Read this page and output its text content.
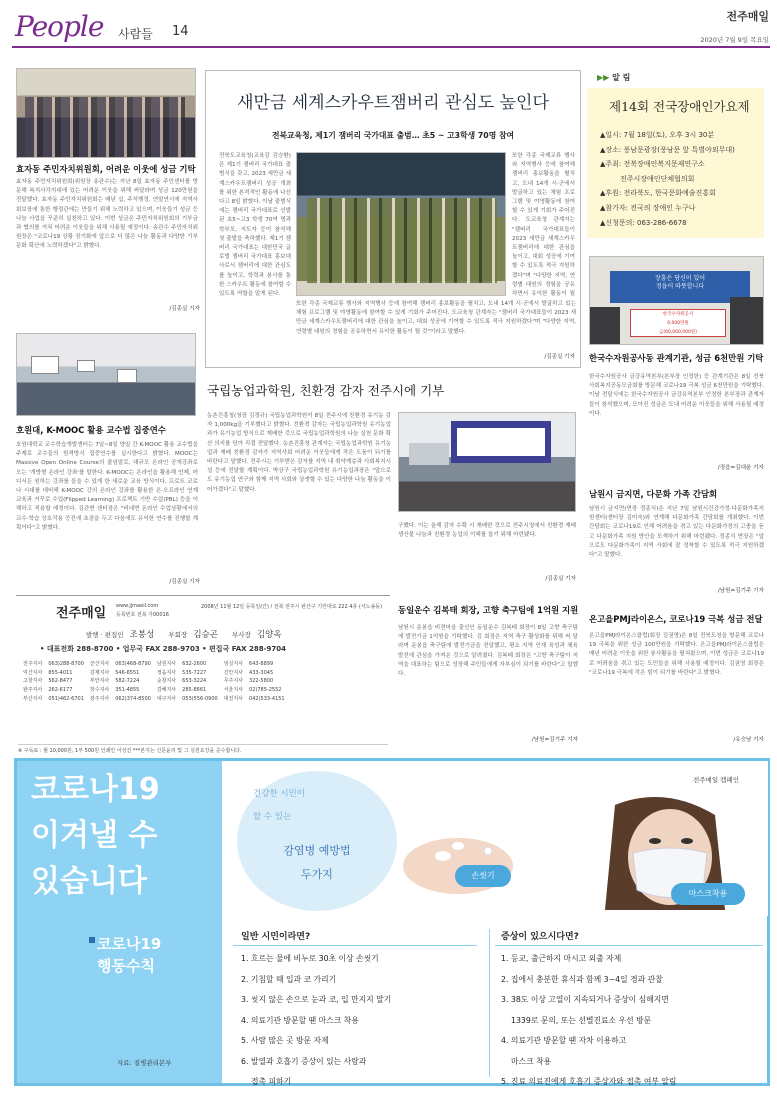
People 사람들 14
전주매일
2020년 7월 9일 목요일
효자동 주민자치위원회, 어려운 이웃에 성금 기탁
효자동 주민자치위원회(위원장 송관수)는 지난 8일 효자동 주민센터를 방문해 복지사각지대에 있는 어려운 이웃을 위해 써달라며 성금 120만원을 전달했다. 효자동 주민자치위원회는 매년 십, 주석행정, 연말연시에 지역사회보장에 통한 행정관에는 만들기 위해 노력하고 있으며, 이웃들기 성금 등 나눔 사업을 꾸준히 실천하고 있다. 이번 성금은 주민자치위원회의 기부금과 협의를 거쳐 어려운 이웃들을 위해 사용될 예정이다. 송관수 주민자치위원장은 "코로나19 상황 장기화에 앞으로 더 많은 나눔 활동과 다양한 기부문화 확산에 노력하겠다"고 밝혔다.
/김종실 기자
호원대, K-MOOC 활용 교수법 집중연수
호원대학교 교수학습개발센터는 7일~8일 양일 간 K-MOOC 활용 교수법을 주제로 교수들의 원격방식 집중연수를 실시한다고 밝혔다. MOOC는 Massive Open Online Course의 줄임말로, 대규모 온라인 공개강좌로 오는 '개방형 온라인 강좌'를 말한다. K-MOOC는 온라인을 활용해 언제, 어디서든 원하는 강좌를 들을 수 있게 한 새로운 교육 방식이다. 프로트 코로나 시대를 대비해 K-MOOC 강의 온라인 강좌를 활용한 온·오프라인 연계 교육과 거꾸로 수업(Flipped Learning) 프로젝트 기반 수업(PBL) 등을 이해하고 적용할 예정이다. 김관현 센터장은 "비대면 온라인 수업상황에서의 교수·학습 상호작용 증진에 초점을 두고 다음에도 유익한 연수를 진행할 계획이다"고 밝혔다.
/김종실 기자
새만금 세계스카우트잼버리 관심도 높인다
전북교육청, 제1기 잼버리 국가대표 출범… 초5 ~ 고3학생 70명 참여
전북도교육청(교육감 김승환)은 제1기 잼버리 국가대표 출범식을 갖고, 2023 새만금 세계스카우트잼버리 성공 개최를 위한 본격적인 활동에 나선다고 8일 밝혔다. 이날 출범식에는 잼버리 국가대표로 선발된 초5~고3 학생 70여 명과 학부모, 지도자 등이 참석해 첫 출발을 축하했다. 제1기 잼버리 국가대표는 대한민국 글로벌 잼버리 국가대표 홍보대사로서 잼버리에 대한 관심도를 높이고, 학력과 봉사를 통한 스카우트 활동에 참여할 수 있도록 역할을 맡게 된다.
또한 각종 국제교류 행사와 지역행사 등에 참여해 잼버리 홍보활동을 펼치고, 도내 14개 시·군에서 발굴하고 있는 체험 프로그램 및 야영활동에 참여할 수 있게 기회가 주어진다. 도교육청 관계자는 "잼버리 국가대표들이 2023 새만금 세계스카우트잼버리에 대한 관심을 높이고, 대회 성공에 기여할 수 있도록 적극 지원하겠다"며 "다양한 지역, 연령별 대원의 경험을 공유하면서 유익한 활동이 될
또한 각종 국제교류 행사와 지역행사 등에 참여해 잼버리 홍보활동을 펼치고, 도내 14개 시·군에서 발굴하고 있는 체험 프로그램 및 야영활동에 참여할 수 있게 기회가 주어진다. 도교육청 관계자는 "잼버리 국가대표들이 2023 새만금 세계스카우트잼버리에 대한 관심을 높이고, 대회 성공에 기여할 수 있도록 적극 지원하겠다"며 "다양한 지역, 연령별 대원의 경험을 공유하면서 유익한 활동이 될 것"이라고 말했다.
/김종실 기자
국립농업과학원, 친환경 감자 전주시에 기부
농촌진흥청(청장 김경규) 국립농업과학원이 8일 전주시에 친환경 유기농 감자 1,000kg을 기부했다고 밝혔다. 친환경 감자는 국립농업과학원 유기농업과가 유기농업 방식으로 재배한 것으로 국립농업과학원의 나눔 실천 문화 확산 의지를 담아 직접 전달했다. 농촌진흥청 관계자는 국립농업과학원 유기농업과 재배 친환경 감자가 지역사회 어려운 이웃들에게 작은 도움이 되기를 바란다고 말했다. 전주시는 기부받은 감자를 지역 내 취약계층과 사회복지시설 등에 전달할 계획이다. 박상구 국립농업과학원 유기농업과장은 "앞으로도 유기농업 연구와 함께 지역 사회와 상생할 수 있는 다양한 나눔 활동을 이어가겠다"고 말했다.
구했다. 이는 올해 감자 수확 시 재배한 것으로 전주시청에서 친환경 재배 생산물 나눔과 친환경 농업의 이해를 돕기 위해 마련됐다.
/김종실 기자
전주매일 www.jjmaeil.com
등록번호 전북 가00016
2008년 11월 12일 등록일(간) / 전북 전주시 완산구 기린대로 222 4층 (서노송동)
발행 · 편집인 조봉성 부회장 김승곤 부사장 김양옥
• 대표전화 288-8700 • 업무국 FAX 288-9703 • 편집국 FAX 288-9704
전주지사	063)288-8700	군산지사	063)468-8790	남원지사	632-2600	임실지사	643-8899
익산지사	855-4011	김제지사	546-6551	정읍지사	535-7227	진안지사	433-3045
고창지사	562-8477	부안지사	582-7224	순창지사	653-3224	무주지사	322-5800
완주지사	262-6177	장수지사	351-4855	김해지사	285-8661	서울지사	02)785-2552
부산지사	051)462-6701	광주지사	062)374-8500	대구지사	053)556-0900	대전지사	042)533-4151
※ 구독료 : 월 10,000원, 1부 500원 인쇄인 이성진 ***본지는 신문윤리 및 그 실천요강을 준수합니다.
동일운수 김복태 회장, 고향 축구팀에 1억원 지원
남원시 운봉읍 비전마을 출신인 동일운수 김복태 회장이 8일 고향 축구팀에 발전기금 1억원을 기탁했다. 김 회장은 지역 축구 활성화를 위해 써 달라며 운봉읍 축구팀에 발전기금을 전달했고, 평소 지역 인재 육성과 체육 발전에 관심을 가져온 것으로 알려졌다. 김복태 회장은 "고향 축구팀이 지역을 대표하는 팀으로 성장해 주민들에게 자부심이 되기를 바란다"고 말했다.
/남원=김기주 기자
▶▶ 알 림
제14회 전국장애인가요제
▲일시: 7월 18일(토), 오후 3시 30분
▲장소: 풍남문광장(풍남문 앞 특별야외무대)
▲주최: 전북장애인복지문제연구소
전주시장애인단체협의회
▲후원: 전라북도, 한국문화예술진흥회
▲참가자: 전국의 장애인 누구나
▲신청문의: 063-286-6678
장흥은 당신이 있어
정읍이 따뜻합니다
한국수자원공사
6,000만원
금(60,000,000원)
한국수자원공사동 관계기관, 성금 6천만원 기탁
한국수자원공사 금강유역본부(본부장 인정한) 등 관계기관은 8일 전북사회복지공동모금회를 방문해 코로나19 극복 성금 6천만원을 기탁했다. 이날 전달식에는 한국수자원공사 금강유역본부 인정한 본부장과 관계자들이 참석했으며, 모아진 성금은 도내 어려운 이웃들을 위해 사용될 예정이다.
/정읍=김대윤 기자
남원시 금지면, 다문화 가족 간담회
남원시 금지면(면장 정종식)은 지난 7일 남원시건강가정·다문화가족지원센터(센터장 김미숙)와 연계해 다문화가족 간담회를 개최했다. 이번 간담회는 코로나19로 인해 어려움을 겪고 있는 다문화가정의 고충을 듣고 다문화가족 지원 방안을 모색하기 위해 마련됐다. 정종식 면장은 "앞으로도 다문화가족이 지역 사회에 잘 정착할 수 있도록 적극 지원하겠다"고 말했다.
/남원=김기주 기자
온고을PMJ라이온스, 코로나19 극복 성금 전달
온고을PMJ라이온스클럽(회장 김권영)은 8일 전북도청을 방문해 코로나19 극복을 위한 성금 100만원을 기탁했다. 온고을PMJ라이온스클럽은 매년 어려운 이웃을 위한 봉사활동을 펼쳐왔으며, 이번 성금은 코로나19로 어려움을 겪고 있는 도민들을 위해 사용될 예정이다. 김권영 회장은 "코로나19 극복에 작은 힘이 되기를 바란다"고 밝혔다.
/유승남 기자
코로나19
이겨낼 수
있습니다
코로나19
행동수칙
자료: 질병관리본부
건강한 시민이
할 수 있는
감염병 예방법
두가지	손씻기
전주매일 캠페인
마스크착용
일반 시민이라면?
1. 흐르는 물에 비누로 30초 이상 손씻기
2. 기침할 때 입과 코 가리기
3. 씻지 않은 손으로 눈과 코, 입 만지지 말기
4. 의료기관 방문할 땐 마스크 착용
5. 사람 많은 곳 방문 자제
6. 발열과 호흡기 증상이 있는 사람과
접촉 피하기
증상이 있으시다면?
1. 등교, 출근하지 마시고 외출 자제
2. 집에서 충분한 휴식과 함께 3~4일 경과 관찰
3. 38도 이상 고열이 지속되거나 증상이 심해지면
1339로 문의, 또는 선별진료소 우선 방문
4. 의료기관 방문할 땐 자차 이용하고
마스크 착용
5. 진료 의료진에게 호흡기 증상자와 접촉 여부 알림
